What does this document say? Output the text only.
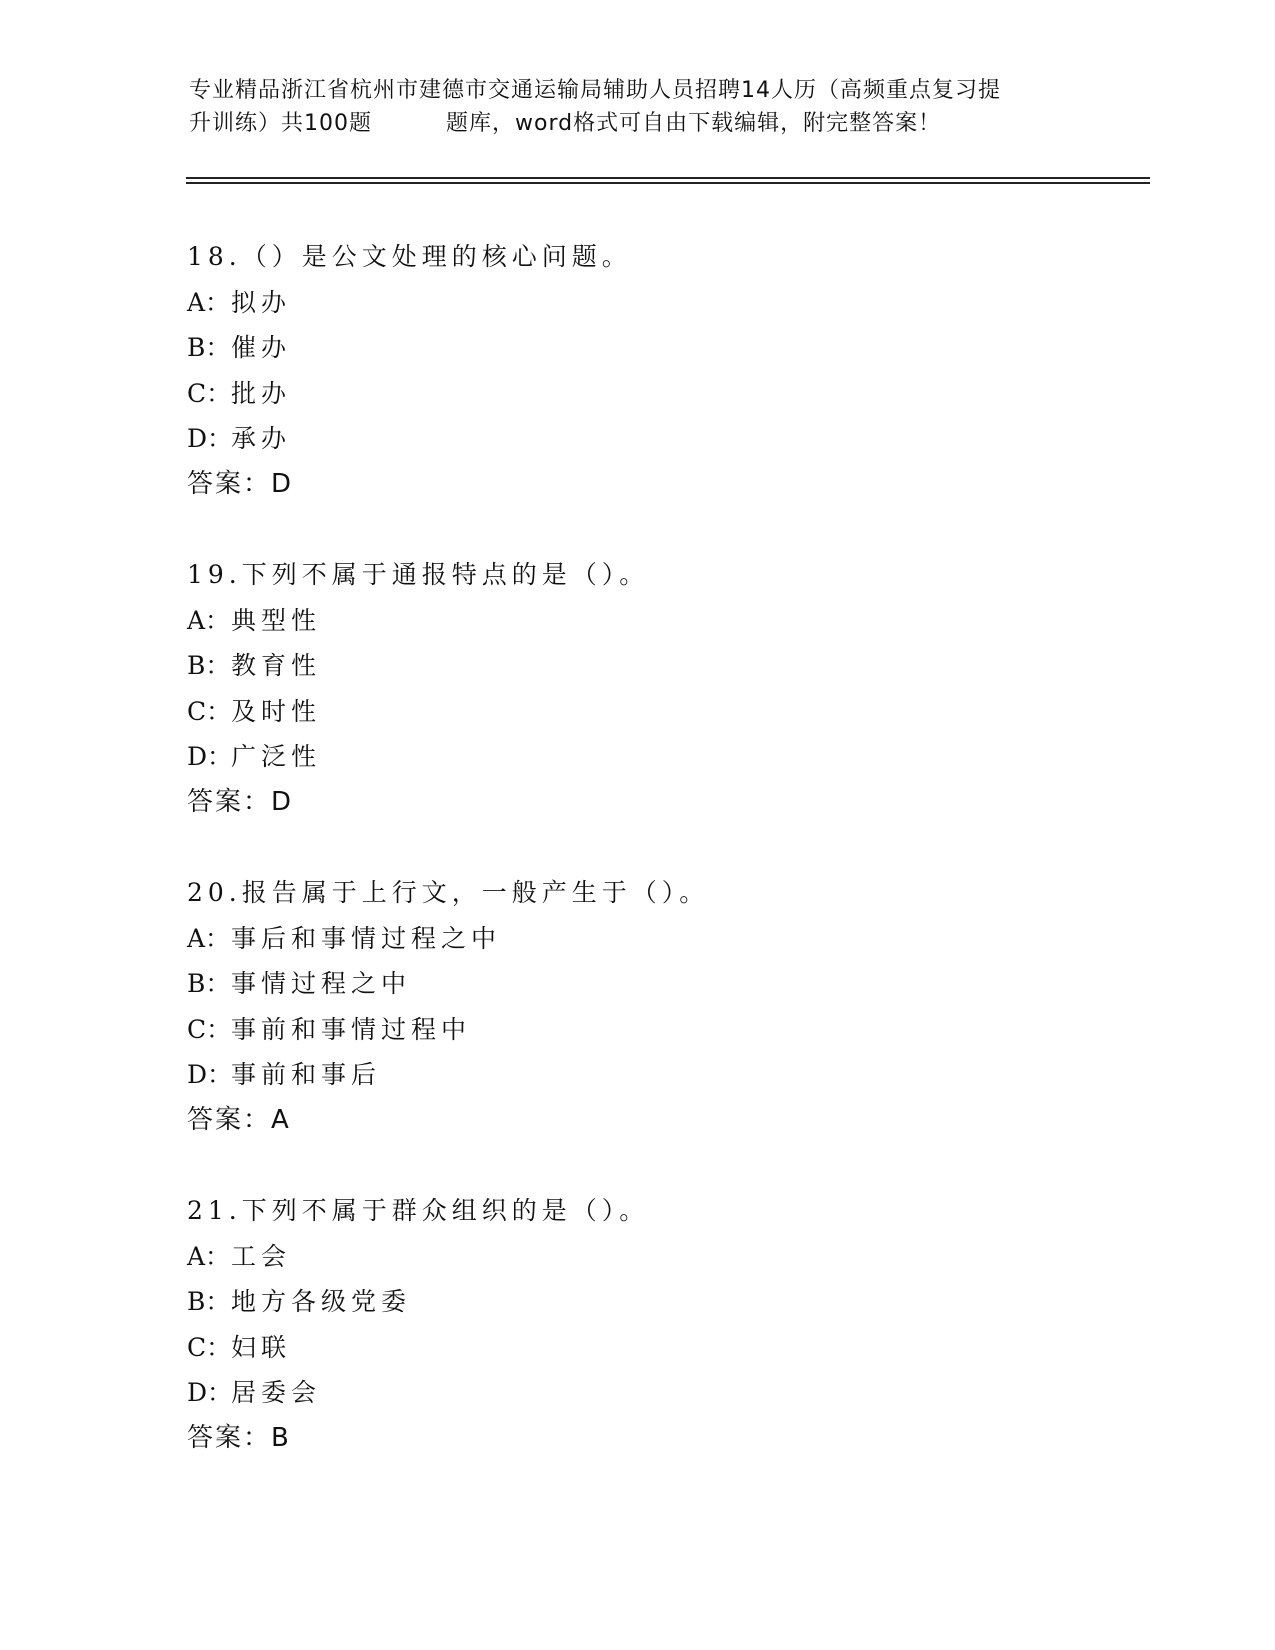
专业精品浙江省杭州市建德市交通运输局辅助人员招聘14人历（高频重点复习提
升训练）共100题	题库，word格式可自由下载编辑，附完整答案！
18.（）是公文处理的核心问题。
A：拟办
B：催办
C：批办
D：承办
答案：D
19.下列不属于通报特点的是（）。
A：典型性
B：教育性
C：及时性
D：广泛性
答案：D
20.报告属于上行文，一般产生于（）。
A：事后和事情过程之中
B：事情过程之中
C：事前和事情过程中
D：事前和事后
答案：A
21.下列不属于群众组织的是（）。
A：工会
B：地方各级党委
C：妇联
D：居委会
答案：B
